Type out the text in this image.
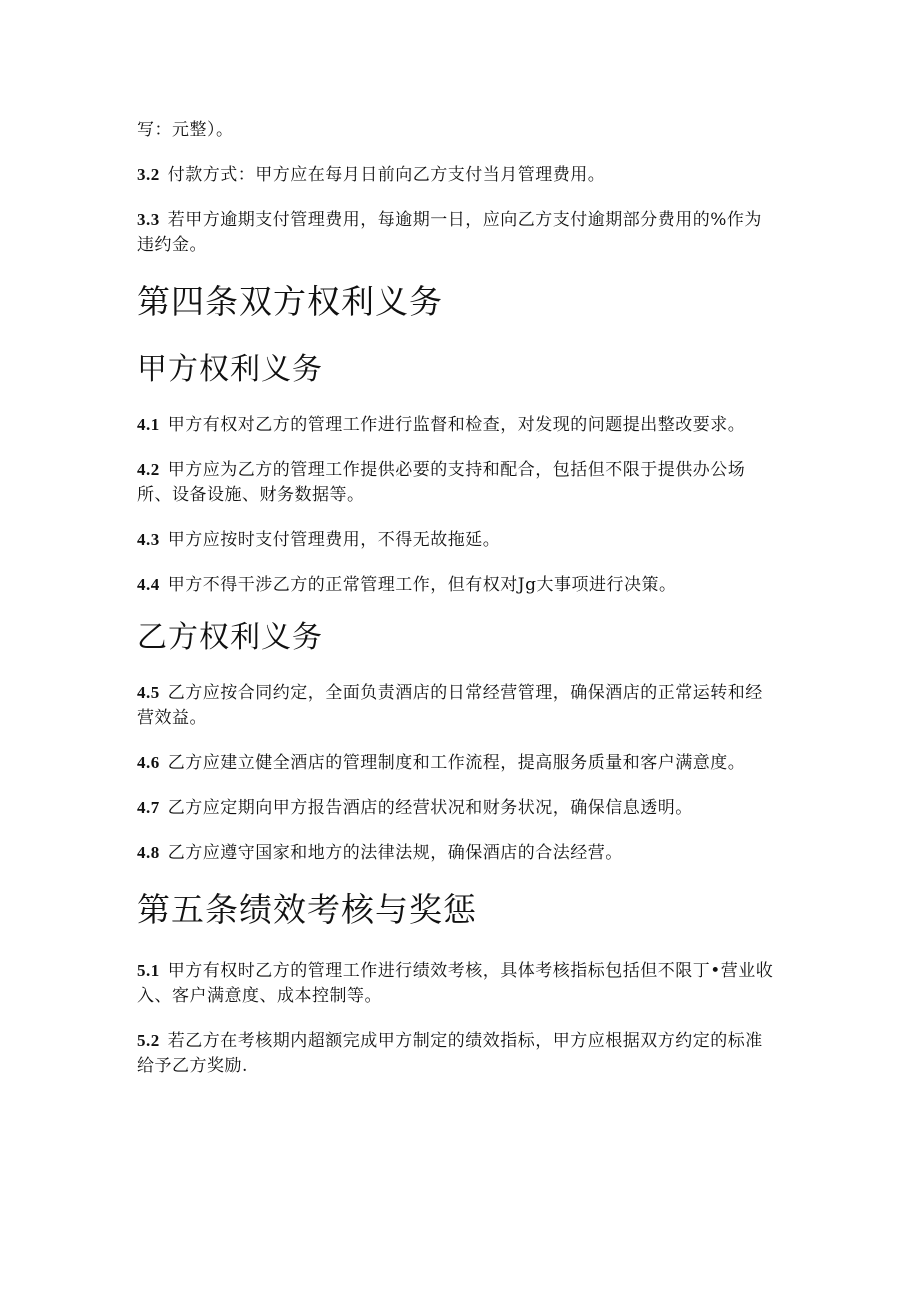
写：元整）。

3.2 付款方式：甲方应在每月日前向乙方支付当月管理费用。

3.3 若甲方逾期支付管理费用，每逾期一日，应向乙方支付逾期部分费用的%作为违约金。

第四条双方权利义务
甲方权利义务

4.1 甲方有权对乙方的管理工作进行监督和检查，对发现的问题提出整改要求。

4.2 甲方应为乙方的管理工作提供必要的支持和配合，包括但不限于提供办公场所、设备设施、财务数据等。

4.3 甲方应按时支付管理费用，不得无故拖延。

4.4 甲方不得干涉乙方的正常管理工作，但有权对Jg大事项进行决策。

乙方权利义务

4.5 乙方应按合同约定，全面负责酒店的日常经营管理，确保酒店的正常运转和经营效益。

4.6 乙方应建立健全酒店的管理制度和工作流程，提高服务质量和客户满意度。

4.7 乙方应定期向甲方报告酒店的经营状况和财务状况，确保信息透明。

4.8 乙方应遵守国家和地方的法律法规，确保酒店的合法经营。

第五条绩效考核与奖惩

5.1 甲方有权时乙方的管理工作进行绩效考核，具体考核指标包括但不限丁•营业收入、客户满意度、成本控制等。

5.2 若乙方在考核期内超额完成甲方制定的绩效指标，甲方应根据双方约定的标准给予乙方奖励.
